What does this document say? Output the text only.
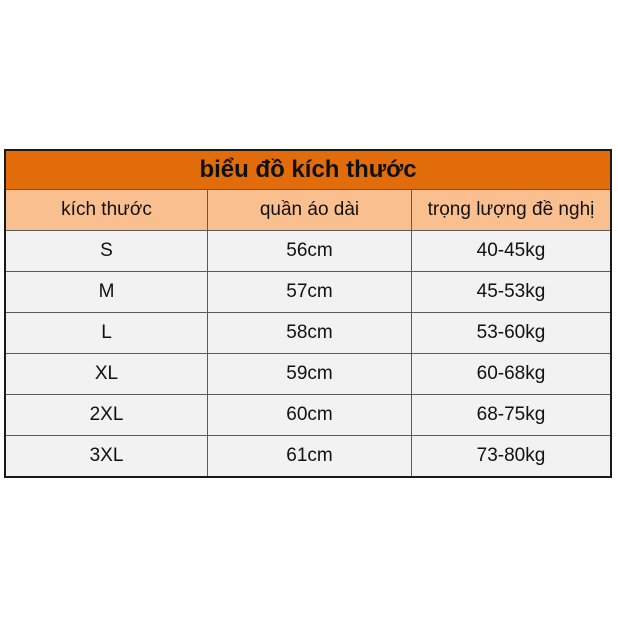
biểu đồ kích thước
kích thước	quần áo dài	trọng lượng đề nghị
S	56cm	40-45kg
M	57cm	45-53kg
L	58cm	53-60kg
XL	59cm	60-68kg
2XL	60cm	68-75kg
3XL	61cm	73-80kg
